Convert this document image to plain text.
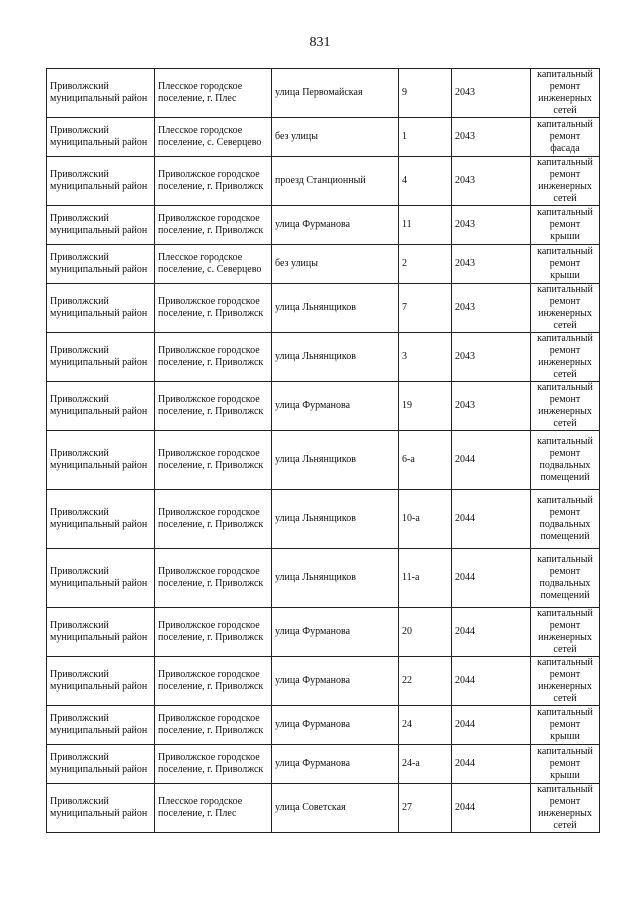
831
Приволжский муниципальный район	Плесское городское поселение, г. Плес	улица Первомайская	9	2043	капитальный ремонт инженерных сетей
Приволжский муниципальный район	Плесское городское поселение, с. Северцево	без улицы	1	2043	капитальный ремонт фасада
Приволжский муниципальный район	Приволжское городское поселение, г. Приволжск	проезд Станционный	4	2043	капитальный ремонт инженерных сетей
Приволжский муниципальный район	Приволжское городское поселение, г. Приволжск	улица Фурманова	11	2043	капитальный ремонт крыши
Приволжский муниципальный район	Плесское городское поселение, с. Северцево	без улицы	2	2043	капитальный ремонт крыши
Приволжский муниципальный район	Приволжское городское поселение, г. Приволжск	улица Льнянщиков	7	2043	капитальный ремонт инженерных сетей
Приволжский муниципальный район	Приволжское городское поселение, г. Приволжск	улица Льнянщиков	3	2043	капитальный ремонт инженерных сетей
Приволжский муниципальный район	Приволжское городское поселение, г. Приволжск	улица Фурманова	19	2043	капитальный ремонт инженерных сетей
Приволжский муниципальный район	Приволжское городское поселение, г. Приволжск	улица Льнянщиков	6-а	2044	капитальный ремонт подвальных помещений
Приволжский муниципальный район	Приволжское городское поселение, г. Приволжск	улица Льнянщиков	10-а	2044	капитальный ремонт подвальных помещений
Приволжский муниципальный район	Приволжское городское поселение, г. Приволжск	улица Льнянщиков	11-а	2044	капитальный ремонт подвальных помещений
Приволжский муниципальный район	Приволжское городское поселение, г. Приволжск	улица Фурманова	20	2044	капитальный ремонт инженерных сетей
Приволжский муниципальный район	Приволжское городское поселение, г. Приволжск	улица Фурманова	22	2044	капитальный ремонт инженерных сетей
Приволжский муниципальный район	Приволжское городское поселение, г. Приволжск	улица Фурманова	24	2044	капитальный ремонт крыши
Приволжский муниципальный район	Приволжское городское поселение, г. Приволжск	улица Фурманова	24-а	2044	капитальный ремонт крыши
Приволжский муниципальный район	Плесское городское поселение, г. Плес	улица Советская	27	2044	капитальный ремонт инженерных сетей
